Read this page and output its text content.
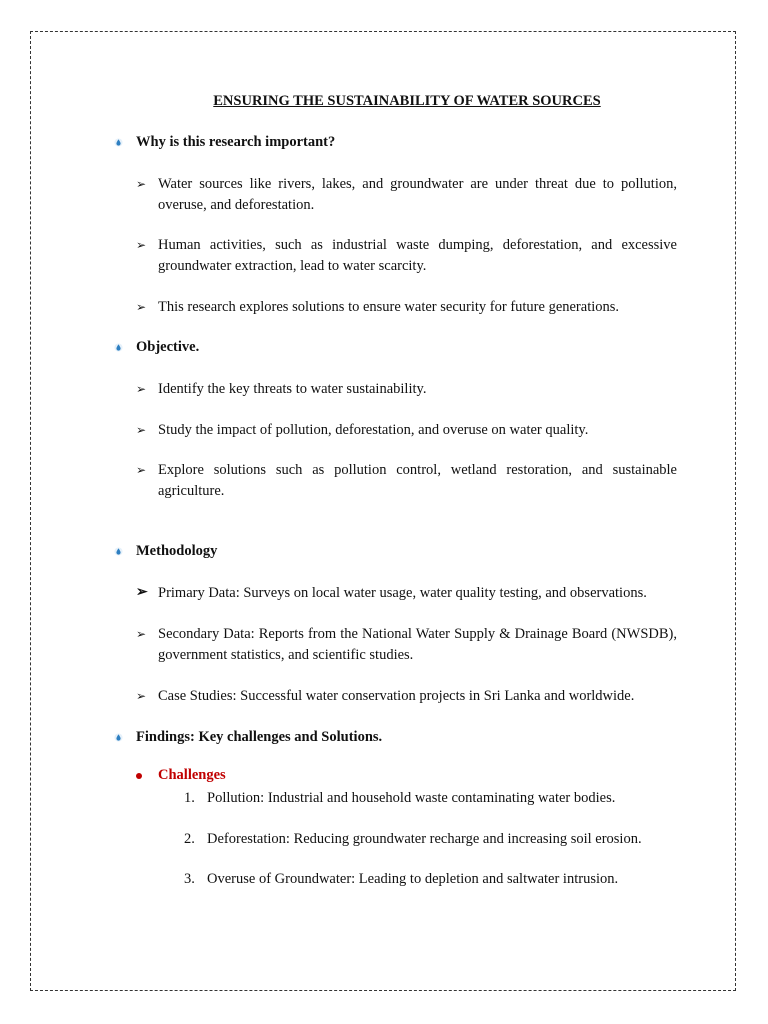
ENSURING THE SUSTAINABILITY OF WATER SOURCES
Why is this research important?
➢ Water sources like rivers, lakes, and groundwater are under threat due to pollution, overuse, and deforestation.
➢ Human activities, such as industrial waste dumping, deforestation, and excessive groundwater extraction, lead to water scarcity.
➢ This research explores solutions to ensure water security for future generations.
Objective.
➢ Identify the key threats to water sustainability.
➢ Study the impact of pollution, deforestation, and overuse on water quality.
➢ Explore solutions such as pollution control, wetland restoration, and sustainable agriculture.
Methodology
➢ Primary Data: Surveys on local water usage, water quality testing, and observations.
➢ Secondary Data: Reports from the National Water Supply & Drainage Board (NWSDB), government statistics, and scientific studies.
➢ Case Studies: Successful water conservation projects in Sri Lanka and worldwide.
Findings: Key challenges and Solutions.
Challenges
1. Pollution: Industrial and household waste contaminating water bodies.
2. Deforestation: Reducing groundwater recharge and increasing soil erosion.
3. Overuse of Groundwater: Leading to depletion and saltwater intrusion.
